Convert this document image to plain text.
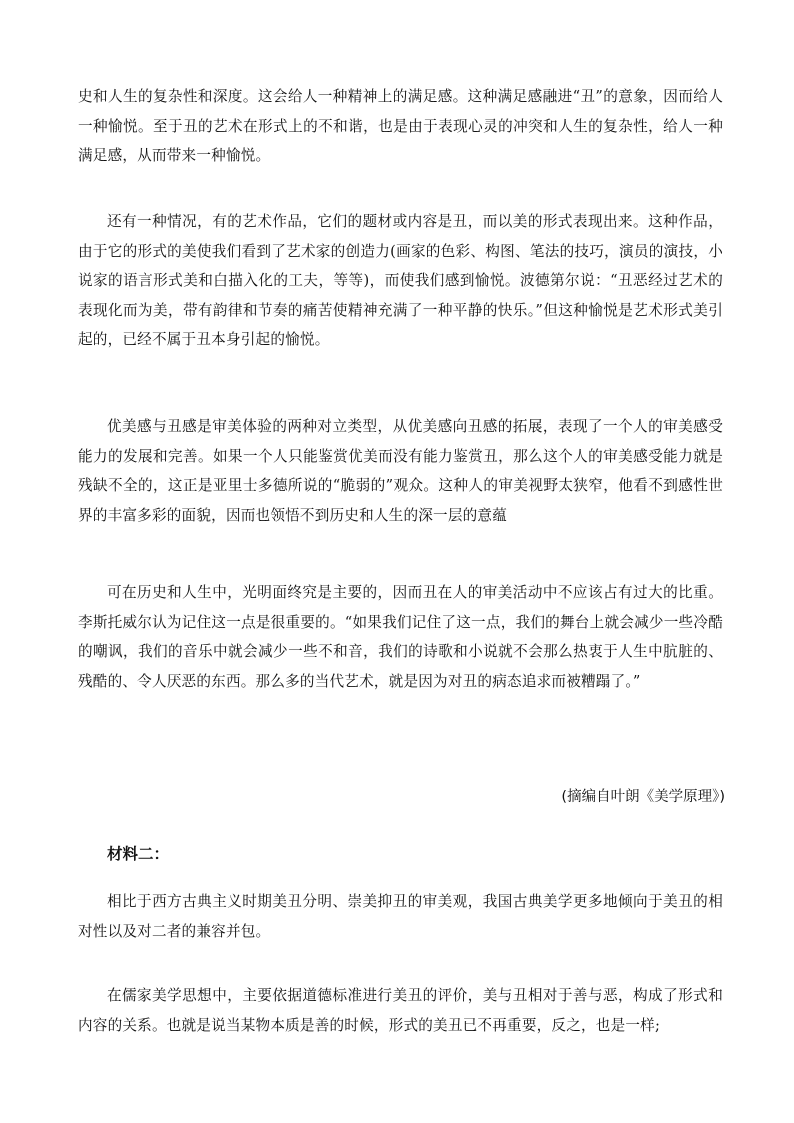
史和人生的复杂性和深度。这会给人一种精神上的满足感。这种满足感融进“丑”的意象，因而给人一种愉悦。至于丑的艺术在形式上的不和谐，也是由于表现心灵的冲突和人生的复杂性，给人一种满足感，从而带来一种愉悦。

还有一种情况，有的艺术作品，它们的题材或内容是丑，而以美的形式表现出来。这种作品，由于它的形式的美使我们看到了艺术家的创造力(画家的色彩、构图、笔法的技巧，演员的演技，小说家的语言形式美和白描入化的工夫，等等)，而使我们感到愉悦。波德第尔说：“丑恶经过艺术的表现化而为美，带有韵律和节奏的痛苦使精神充满了一种平静的快乐。”但这种愉悦是艺术形式美引起的，已经不属于丑本身引起的愉悦。

优美感与丑感是审美体验的两种对立类型，从优美感向丑感的拓展，表现了一个人的审美感受能力的发展和完善。如果一个人只能鉴赏优美而没有能力鉴赏丑，那么这个人的审美感受能力就是残缺不全的，这正是亚里士多德所说的“脆弱的”观众。这种人的审美视野太狭窄，他看不到感性世界的丰富多彩的面貌，因而也领悟不到历史和人生的深一层的意蕴

可在历史和人生中，光明面终究是主要的，因而丑在人的审美活动中不应该占有过大的比重。李斯托威尔认为记住这一点是很重要的。“如果我们记住了这一点，我们的舞台上就会减少一些冷酷的嘲讽，我们的音乐中就会减少一些不和音，我们的诗歌和小说就不会那么热衷于人生中肮脏的、残酷的、令人厌恶的东西。那么多的当代艺术，就是因为对丑的病态追求而被糟蹋了。”

(摘编自叶朗《美学原理》)

材料二：

相比于西方古典主义时期美丑分明、崇美抑丑的审美观，我国古典美学更多地倾向于美丑的相对性以及对二者的兼容并包。

在儒家美学思想中，主要依据道德标准进行美丑的评价，美与丑相对于善与恶，构成了形式和内容的关系。也就是说当某物本质是善的时候，形式的美丑已不再重要，反之，也是一样;
